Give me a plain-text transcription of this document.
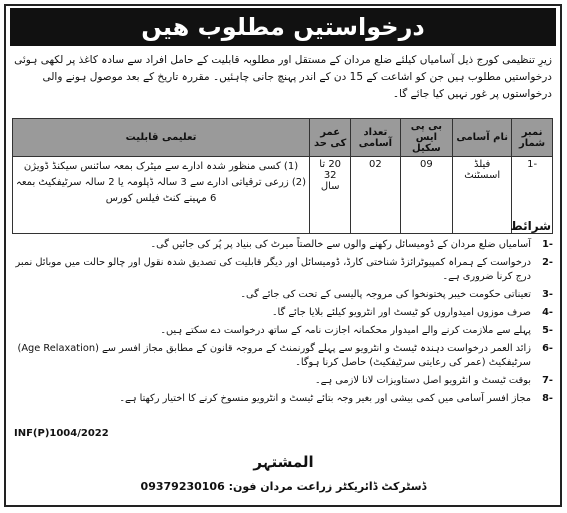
درخواستیں مطلوب ھیں
زیرِ تنظیمی کورج ذیل آسامیاں کیلئے ضلع مردان کے مستقل اور مطلوبہ قابلیت کے حامل افراد سے سادہ کاغذ پر لکھی ہوئی درخواستیں مطلوب ہیں جن کو اشاعت کے 15 دن کے اندر پہنچ جانی چاہئیں۔ مقررہ تاریخ کے بعد موصول ہونے والی درخواستوں پر غور نہیں کیا جائے گا۔
نمبر شمار	نام آسامی	بی پی ایس سکیل	تعداد آسامی	عمر کی حد	تعلیمی قابلیت
-1	فیلڈ اسسٹنٹ	09	02	20 تا 32 سال	(1) کسی منظور شدہ ادارے سے میٹرک بمعہ سائنس سیکنڈ ڈویژن
(2) زرعی ترقیاتی ادارے سے 3 سالہ ڈپلومہ یا 2 سالہ سرٹیفکیٹ بمعہ
6 مہینے کنٹ فیلس کورس
شرائط
-1
آسامیاں ضلع مردان کے ڈومیسائل رکھنے والوں سے خالصتاً میرٹ کی بنیاد پر پُر کی جائیں گی۔
-2
درخواست کے ہمراہ کمپیوٹرائزڈ شناختی کارڈ، ڈومیسائل اور دیگر قابلیت کی تصدیق شدہ نقول اور چالو حالت میں موبائل نمبر درج کرنا ضروری ہے۔
-3
تعیناتی حکومت خیبر پختونخوا کی مروجہ پالیسی کے تحت کی جائے گی۔
-4
صرف موزوں امیدواروں کو ٹیسٹ اور انٹرویو کیلئے بلایا جائے گا۔
-5
پہلے سے ملازمت کرنے والے امیدوار محکمانہ اجازت نامہ کے ساتھ درخواست دے سکتے ہیں۔
-6
زائد العمر درخواست دہندہ ٹیسٹ و انٹرویو سے پہلے گورنمنٹ کے مروجہ قانون کے مطابق مجاز افسر سے (Age Relaxation) سرٹیفکیٹ (عمر کی رعایتی سرٹیفکیٹ) حاصل کرنا ہوگا۔
-7
بوقت ٹیسٹ و انٹرویو اصل دستاویزات لانا لازمی ہے۔
-8
مجاز افسر آسامی میں کمی بیشی اور بغیر وجہ بتائے ٹیسٹ و انٹرویو منسوخ کرنے کا اختیار رکھتا ہے۔
INF(P)1004/2022
المشتہر
ڈسٹرکٹ ڈائریکٹر زراعت مردان فون: 09379230106
